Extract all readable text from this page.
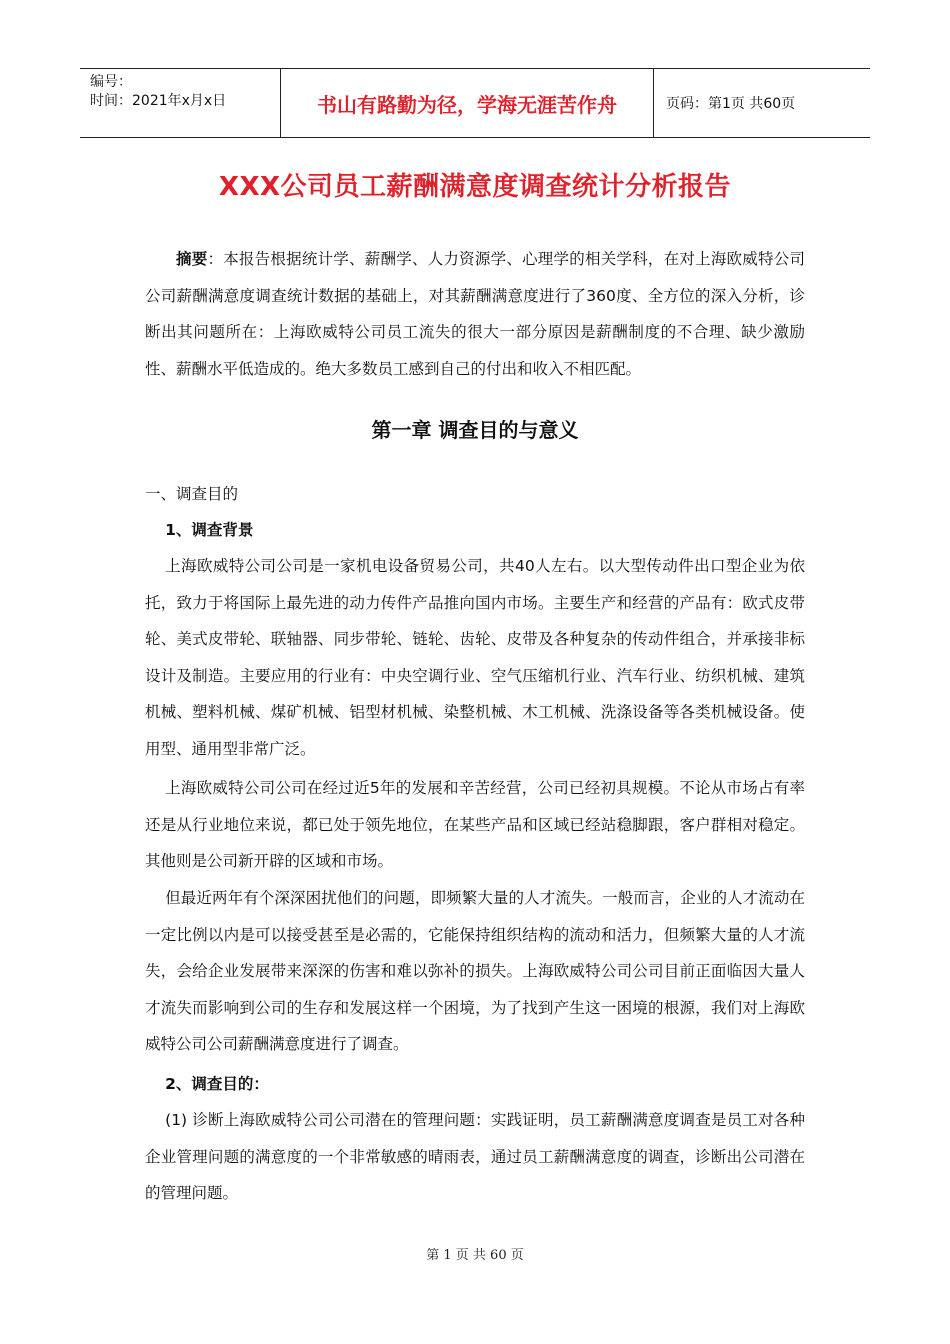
编号：
时间：2021年x月x日	书山有路勤为径，学海无涯苦作舟	页码：第1页 共60页
XXX公司员工薪酬满意度调查统计分析报告

摘要：本报告根据统计学、薪酬学、人力资源学、心理学的相关学科，在对上海欧威特公司公司薪酬满意度调查统计数据的基础上，对其薪酬满意度进行了360度、全方位的深入分析，诊断出其问题所在：上海欧威特公司员工流失的很大一部分原因是薪酬制度的不合理、缺少激励性、薪酬水平低造成的。绝大多数员工感到自己的付出和收入不相匹配。

第一章 调查目的与意义

一、调查目的

1、调查背景

上海欧威特公司公司是一家机电设备贸易公司，共40人左右。以大型传动件出口型企业为依托，致力于将国际上最先进的动力传件产品推向国内市场。主要生产和经营的产品有：欧式皮带轮、美式皮带轮、联轴器、同步带轮、链轮、齿轮、皮带及各种复杂的传动件组合，并承接非标设计及制造。主要应用的行业有：中央空调行业、空气压缩机行业、汽车行业、纺织机械、建筑机械、塑料机械、煤矿机械、铝型材机械、染整机械、木工机械、洗涤设备等各类机械设备。使用型、通用型非常广泛。

上海欧威特公司公司在经过近5年的发展和辛苦经营，公司已经初具规模。不论从市场占有率还是从行业地位来说，都已处于领先地位，在某些产品和区域已经站稳脚跟，客户群相对稳定。其他则是公司新开辟的区域和市场。

但最近两年有个深深困扰他们的问题，即频繁大量的人才流失。一般而言，企业的人才流动在一定比例以内是可以接受甚至是必需的，它能保持组织结构的流动和活力，但频繁大量的人才流失，会给企业发展带来深深的伤害和难以弥补的损失。上海欧威特公司公司目前正面临因大量人才流失而影响到公司的生存和发展这样一个困境，为了找到产生这一困境的根源，我们对上海欧威特公司公司薪酬满意度进行了调查。

2、调查目的：

(1) 诊断上海欧威特公司公司潜在的管理问题：实践证明，员工薪酬满意度调查是员工对各种企业管理问题的满意度的一个非常敏感的晴雨表，通过员工薪酬满意度的调查，诊断出公司潜在的管理问题。

第 1 页 共 60 页
